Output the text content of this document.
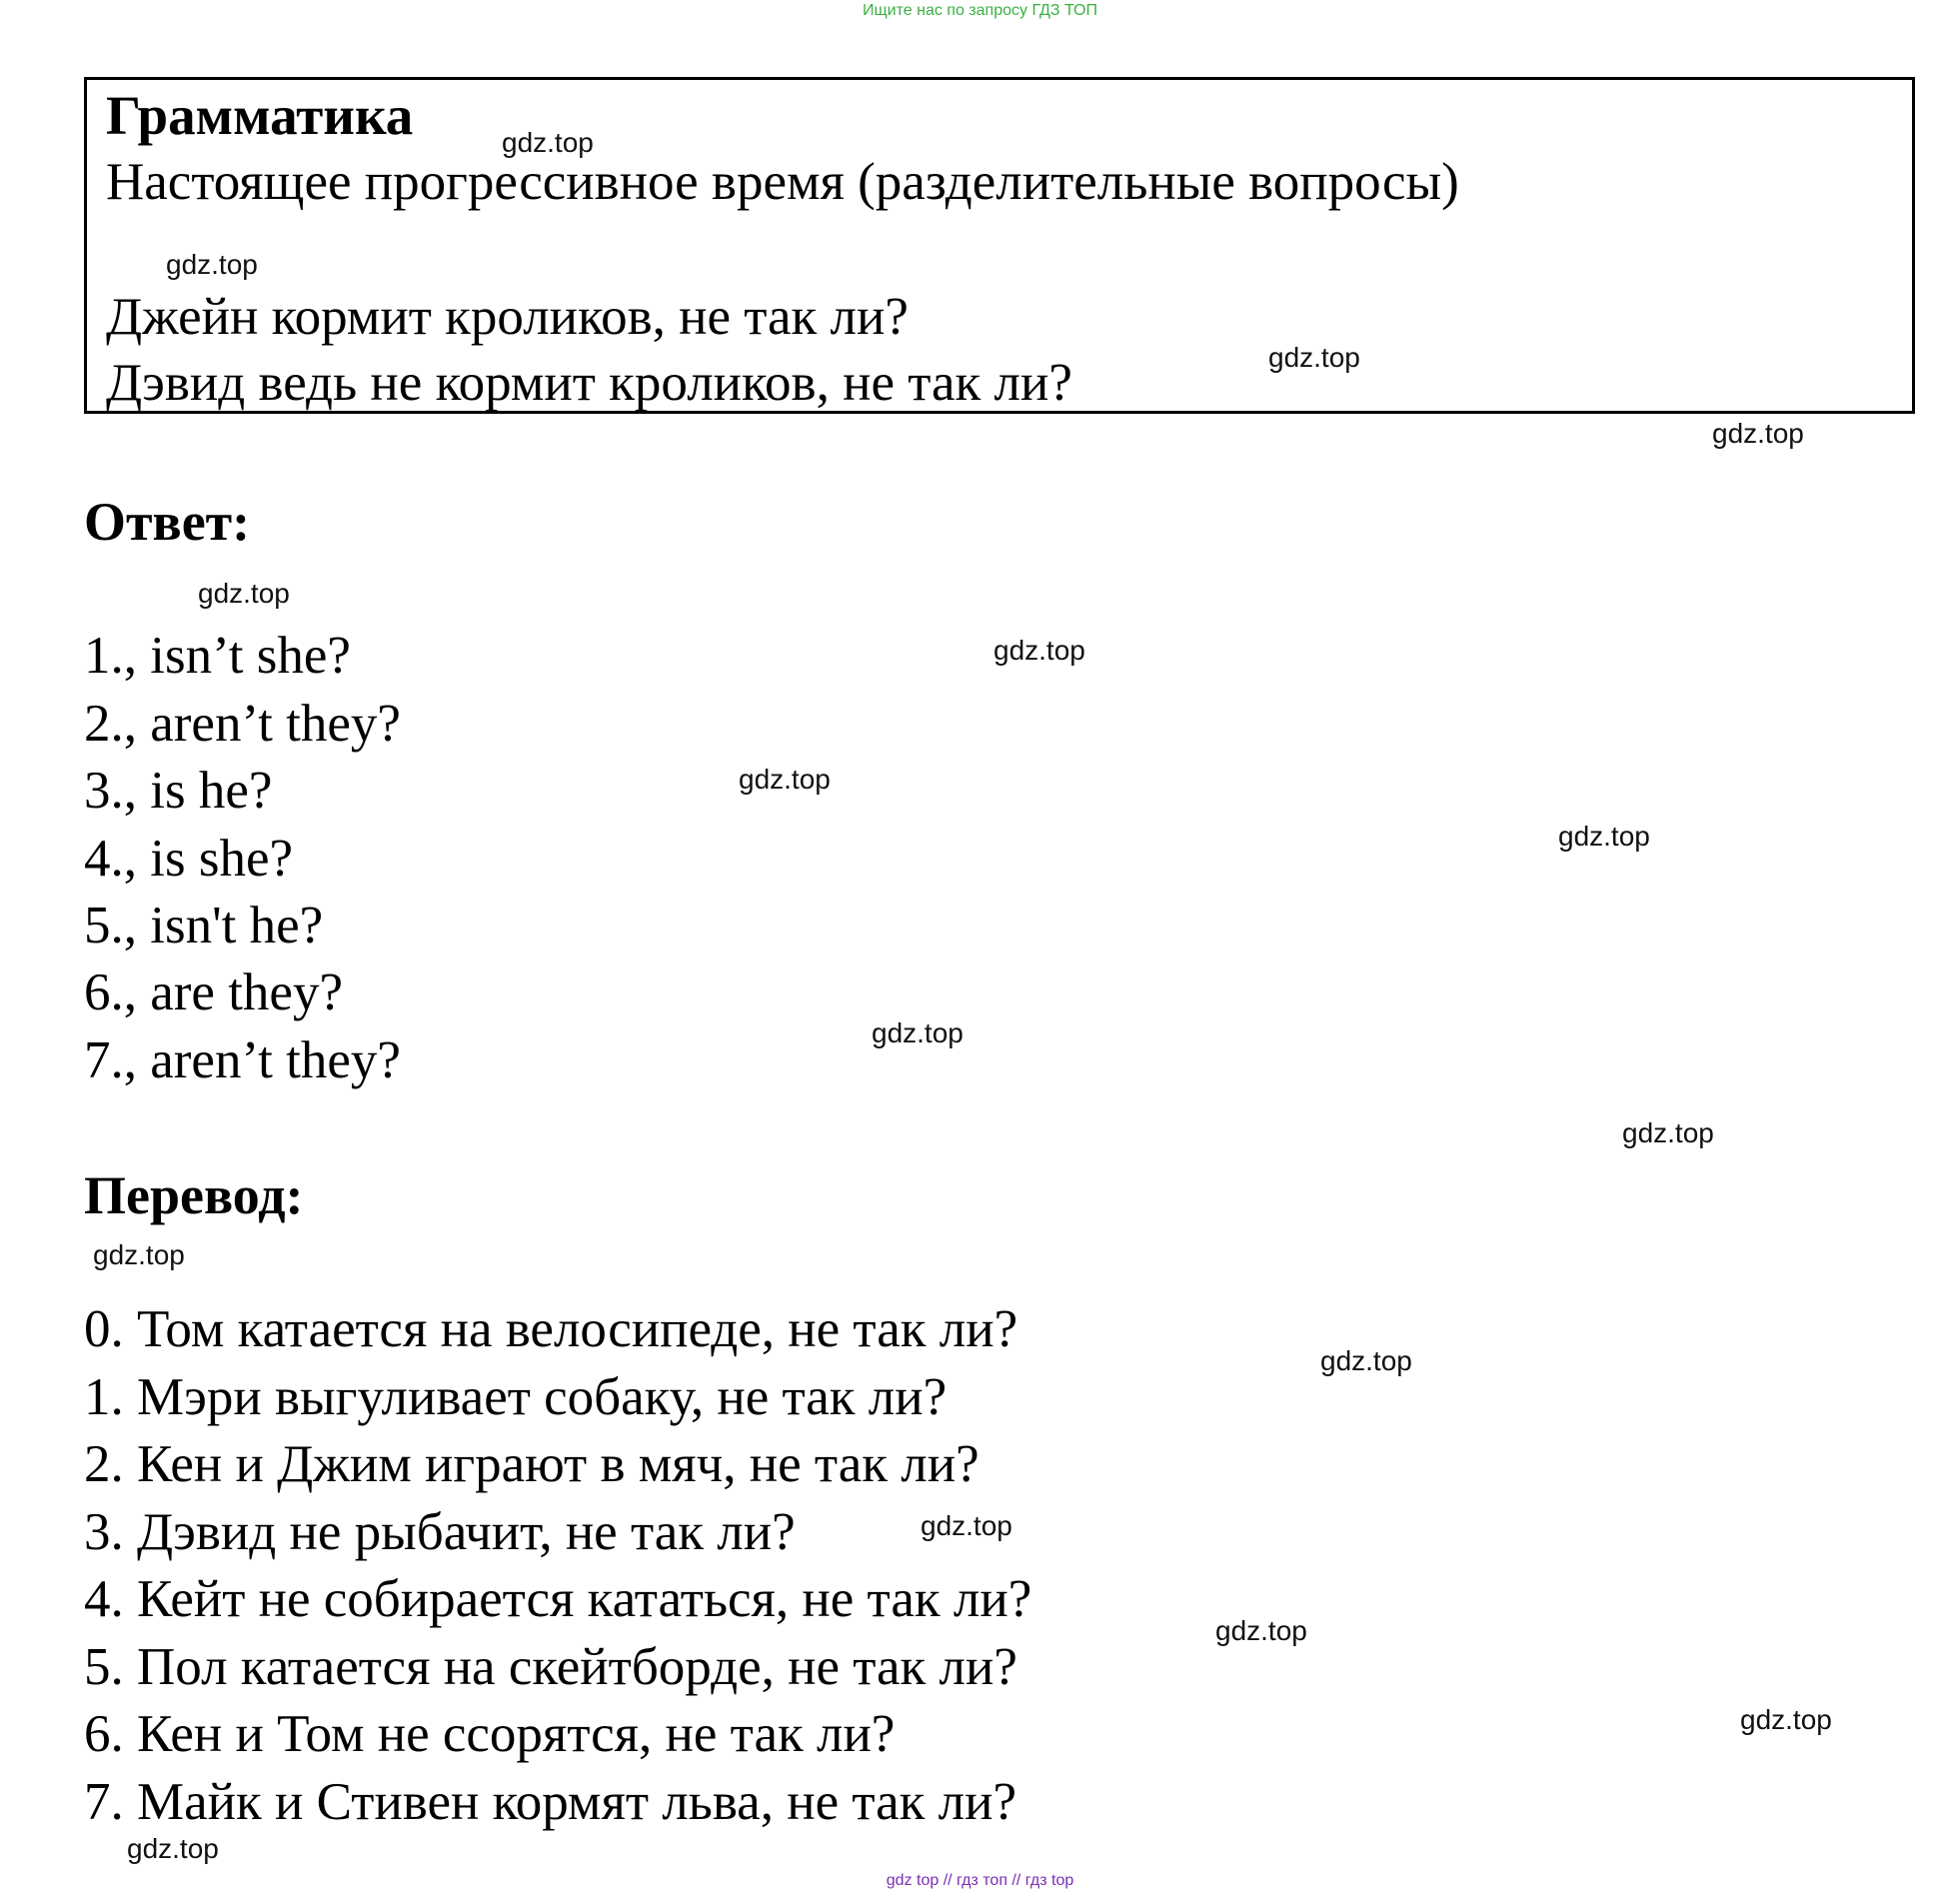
Ищите нас по запросу ГДЗ ТОП
Грамматика
Настоящее прогрессивное время (разделительные вопросы)
Джейн кормит кроликов, не так ли?
Дэвид ведь не кормит кроликов, не так ли?
Ответ:
1., isn’t she?
2., aren’t they?
3., is he?
4., is she?
5., isn't he?
6., are they?
7., aren’t they?
Перевод:
0. Том катается на велосипеде, не так ли?
1. Мэри выгуливает собаку, не так ли?
2. Кен и Джим играют в мяч, не так ли?
3. Дэвид не рыбачит, не так ли?
4. Кейт не собирается кататься, не так ли?
5. Пол катается на скейтборде, не так ли?
6. Кен и Том не ссорятся, не так ли?
7. Майк и Стивен кормят льва, не так ли?
gdz.top
gdz.top
gdz.top
gdz.top
gdz.top
gdz.top
gdz.top
gdz.top
gdz.top
gdz.top
gdz.top
gdz.top
gdz.top
gdz.top
gdz.top
gdz.top
gdz top // гдз топ // гдз top
